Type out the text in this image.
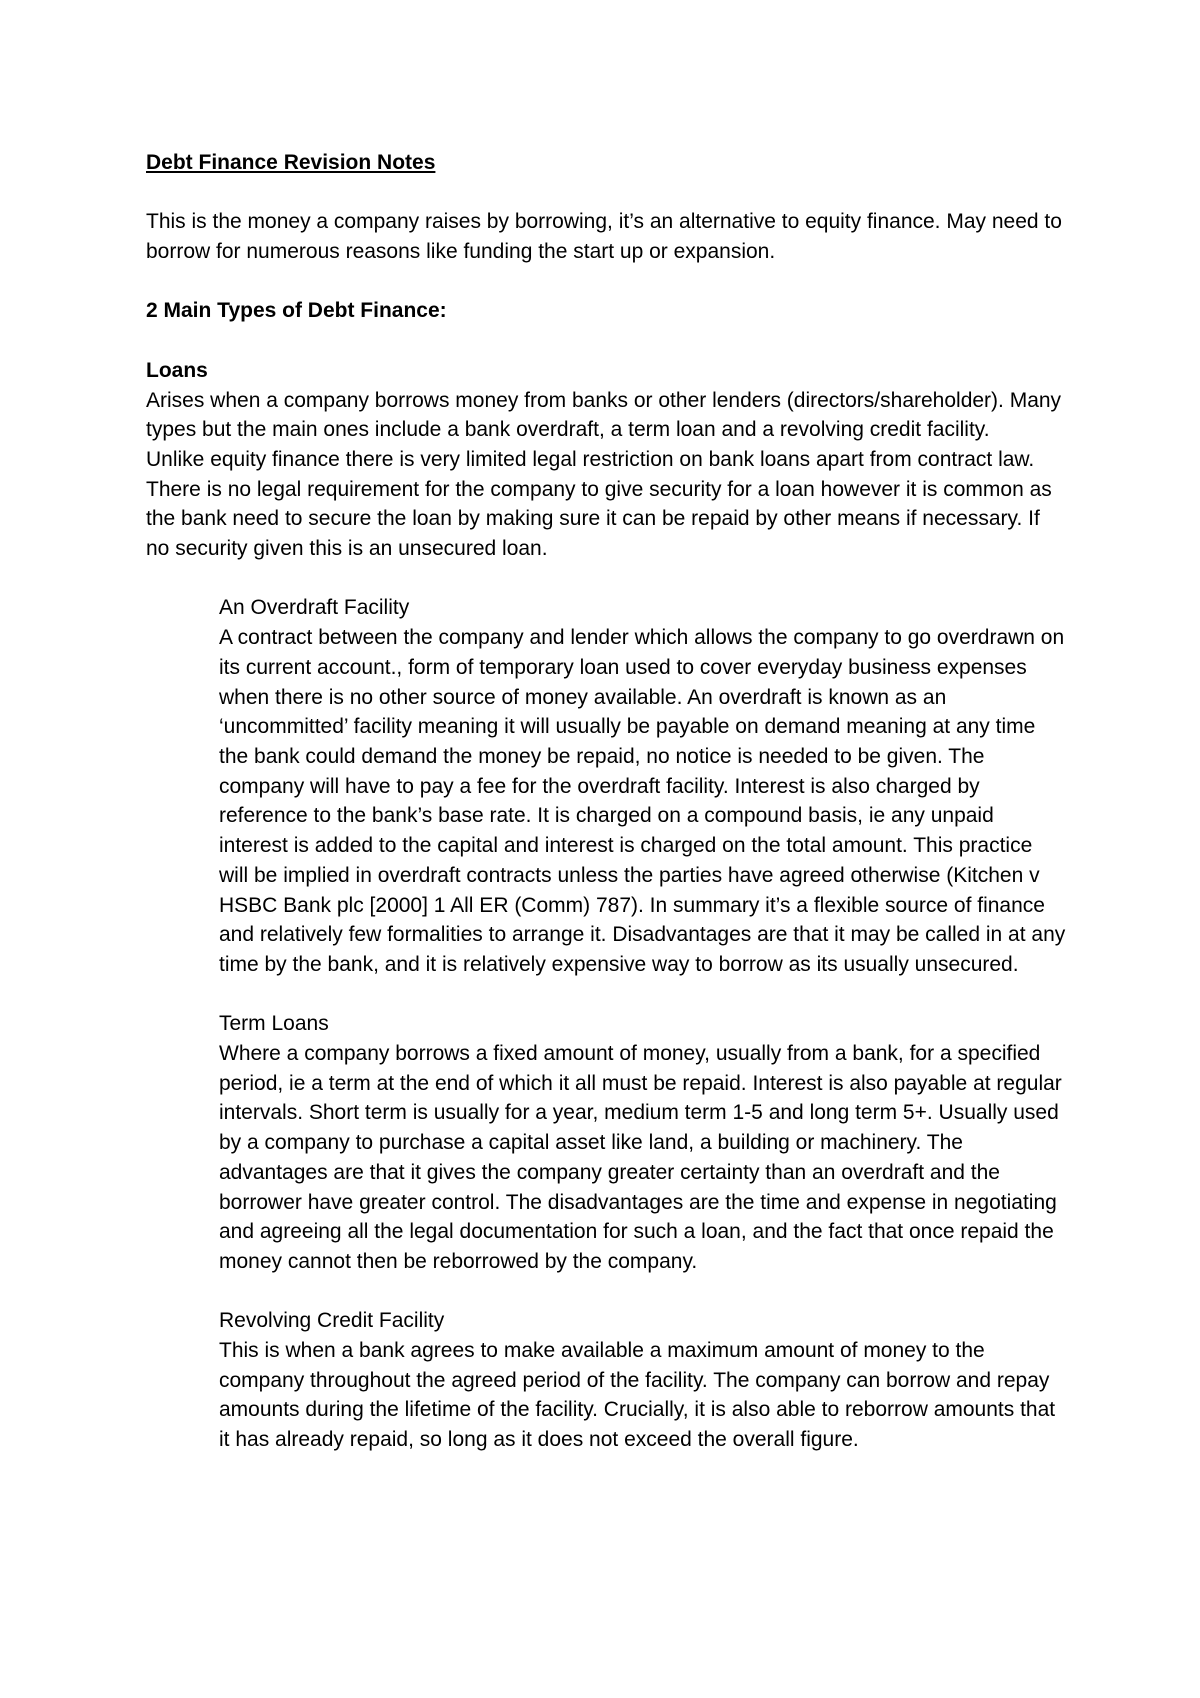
Debt Finance Revision Notes

This is the money a company raises by borrowing, it’s an alternative to equity finance. May need to borrow for numerous reasons like funding the start up or expansion.

2 Main Types of Debt Finance:

Loans

Arises when a company borrows money from banks or other lenders (directors/shareholder). Many types but the main ones include a bank overdraft, a term loan and a revolving credit facility.

Unlike equity finance there is very limited legal restriction on bank loans apart from contract law. There is no legal requirement for the company to give security for a loan however it is common as the bank need to secure the loan by making sure it can be repaid by other means if necessary. If no security given this is an unsecured loan.

An Overdraft Facility

A contract between the company and lender which allows the company to go overdrawn on its current account., form of temporary loan used to cover everyday business expenses when there is no other source of money available. An overdraft is known as an ‘uncommitted’ facility meaning it will usually be payable on demand meaning at any time the bank could demand the money be repaid, no notice is needed to be given. The company will have to pay a fee for the overdraft facility. Interest is also charged by reference to the bank’s base rate. It is charged on a compound basis, ie any unpaid interest is added to the capital and interest is charged on the total amount. This practice will be implied in overdraft contracts unless the parties have agreed otherwise (Kitchen v HSBC Bank plc [2000] 1 All ER (Comm) 787). In summary it’s a flexible source of finance and relatively few formalities to arrange it. Disadvantages are that it may be called in at any time by the bank, and it is relatively expensive way to borrow as its usually unsecured.

Term Loans

Where a company borrows a fixed amount of money, usually from a bank, for a specified period, ie a term at the end of which it all must be repaid. Interest is also payable at regular intervals. Short term is usually for a year, medium term 1-5 and long term 5+. Usually used by a company to purchase a capital asset like land, a building or machinery. The advantages are that it gives the company greater certainty than an overdraft and the borrower have greater control. The disadvantages are the time and expense in negotiating and agreeing all the legal documentation for such a loan, and the fact that once repaid the money cannot then be reborrowed by the company.

Revolving Credit Facility

This is when a bank agrees to make available a maximum amount of money to the company throughout the agreed period of the facility. The company can borrow and repay amounts during the lifetime of the facility. Crucially, it is also able to reborrow amounts that it has already repaid, so long as it does not exceed the overall figure.
